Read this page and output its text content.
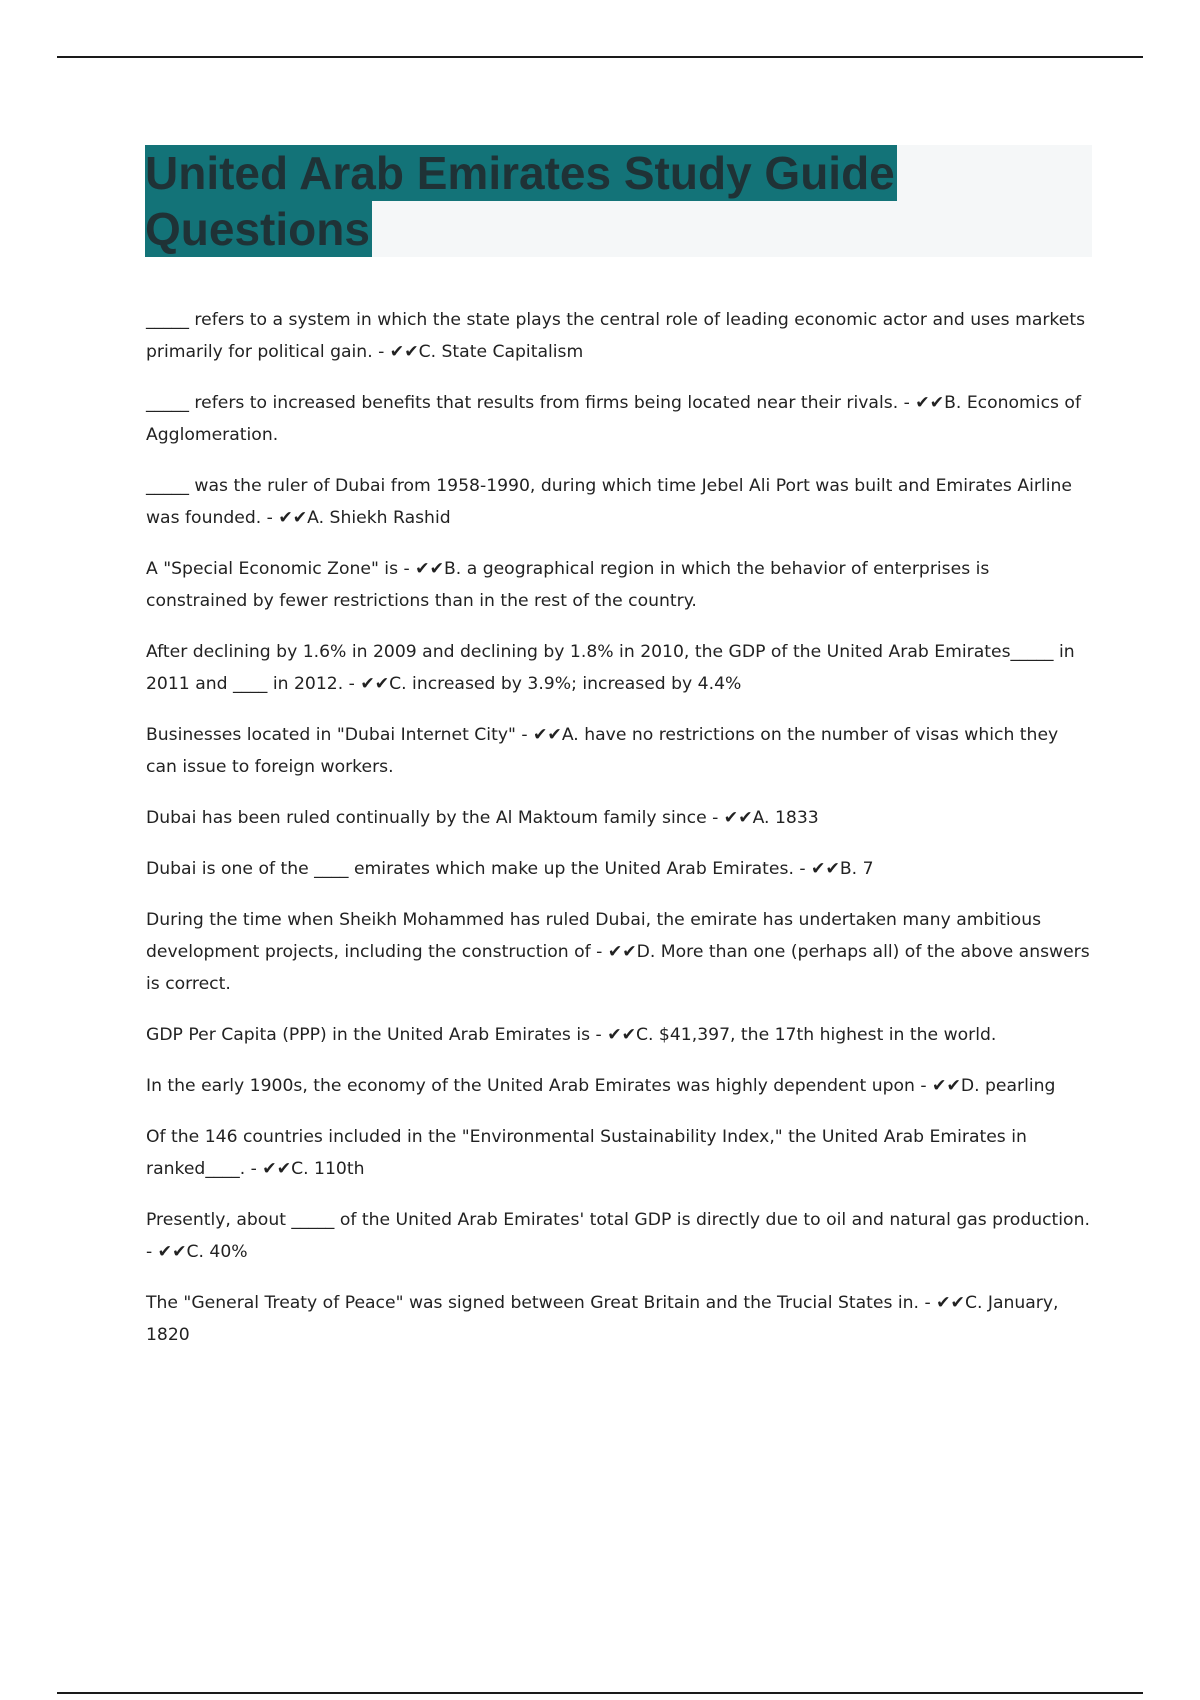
United Arab Emirates Study Guide
Questions

_____ refers to a system in which the state plays the central role of leading economic actor and uses markets primarily for political gain. - ✔✔C. State Capitalism

_____ refers to increased benefits that results from firms being located near their rivals. - ✔✔B. Economics of Agglomeration.

_____ was the ruler of Dubai from 1958-1990, during which time Jebel Ali Port was built and Emirates Airline was founded. - ✔✔A. Shiekh Rashid

A "Special Economic Zone" is - ✔✔B. a geographical region in which the behavior of enterprises is constrained by fewer restrictions than in the rest of the country.

After declining by 1.6% in 2009 and declining by 1.8% in 2010, the GDP of the United Arab Emirates_____ in 2011 and ____ in 2012. - ✔✔C. increased by 3.9%; increased by 4.4%

Businesses located in "Dubai Internet City" - ✔✔A. have no restrictions on the number of visas which they can issue to foreign workers.

Dubai has been ruled continually by the Al Maktoum family since - ✔✔A. 1833

Dubai is one of the ____ emirates which make up the United Arab Emirates. - ✔✔B. 7

During the time when Sheikh Mohammed has ruled Dubai, the emirate has undertaken many ambitious development projects, including the construction of - ✔✔D. More than one (perhaps all) of the above answers is correct.

GDP Per Capita (PPP) in the United Arab Emirates is - ✔✔C. $41,397, the 17th highest in the world.

In the early 1900s, the economy of the United Arab Emirates was highly dependent upon - ✔✔D. pearling

Of the 146 countries included in the "Environmental Sustainability Index," the United Arab Emirates in ranked____. - ✔✔C. 110th

Presently, about _____ of the United Arab Emirates' total GDP is directly due to oil and natural gas production. - ✔✔C. 40%

The "General Treaty of Peace" was signed between Great Britain and the Trucial States in. - ✔✔C. January, 1820
